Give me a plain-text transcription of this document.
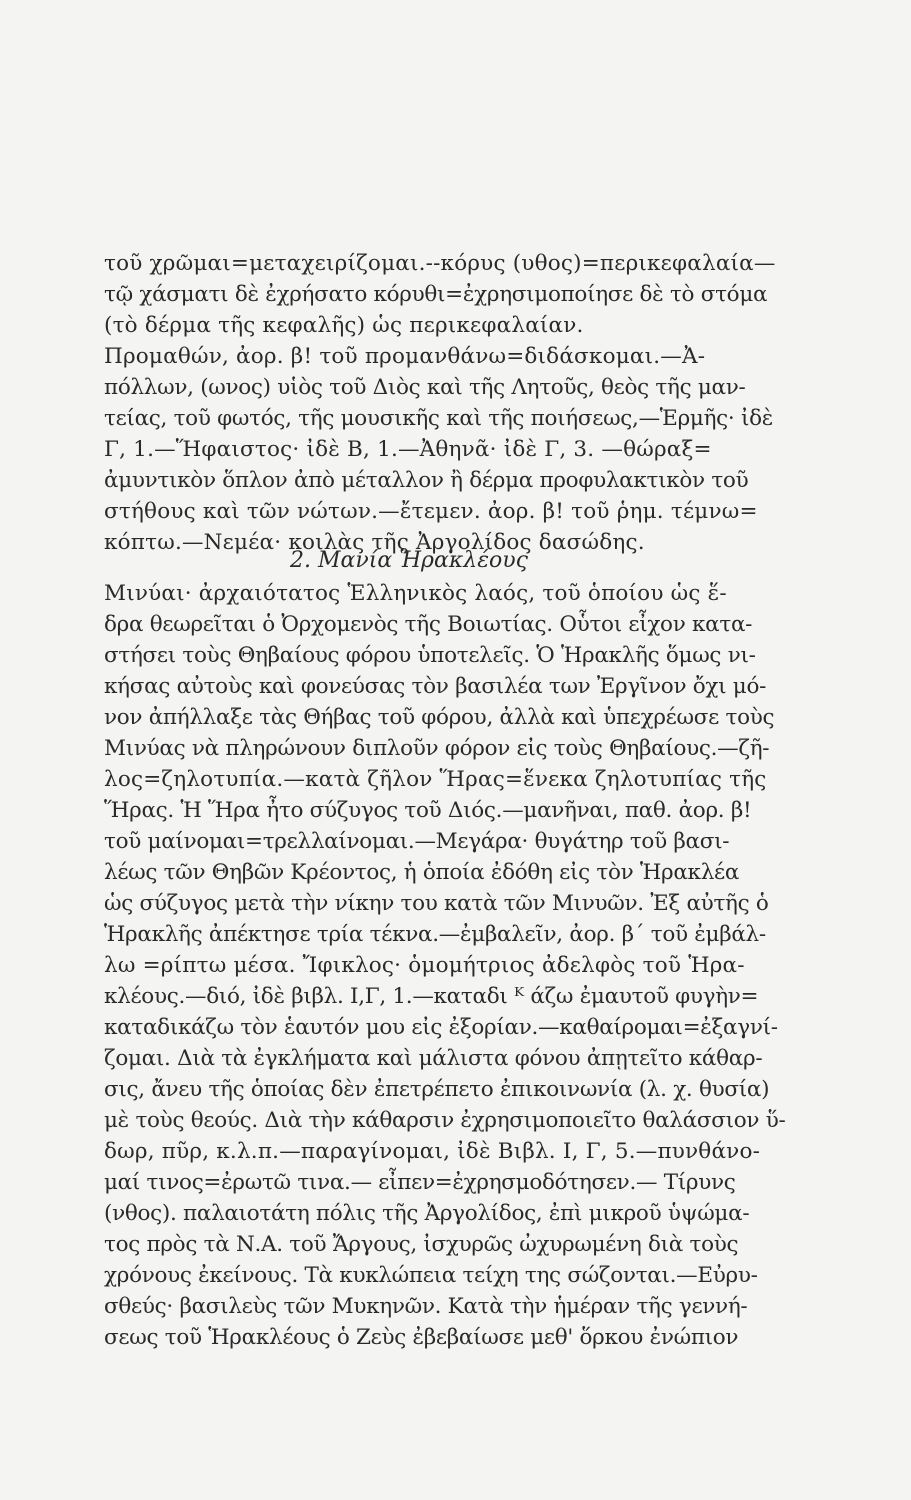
τοῦ χρῶμαι=μεταχειρίζομαι.--κόρυς (υθος)=περικεφαλαία—
τῷ χάσματι δὲ ἐχρήσατο κόρυθι=ἐχρησιμοποίησε δὲ τὸ στόμα
(τὸ δέρμα τῆς κεφαλῆς) ὡς περικεφαλαίαν.
Προμαθών, ἀορ. β! τοῦ προμανθάνω=διδάσκομαι.—Ἀ-
πόλλων, (ωνος) υἱὸς τοῦ Διὸς καὶ τῆς Λητοῦς, θεὸς τῆς μαν-
τείας, τοῦ φωτός, τῆς μουσικῆς καὶ τῆς ποιήσεως,—Ἑρμῆς· ἰδὲ
Γ, 1.—Ἥφαιστος· ἰδὲ Β, 1.—Ἀθηνᾶ· ἰδὲ Γ, 3. —θώραξ=
ἀμυντικὸν ὅπλον ἀπὸ μέταλλον ἢ δέρμα προφυλακτικὸν τοῦ
στήθους καὶ τῶν νώτων.—ἔτεμεν. ἀορ. β! τοῦ ῥημ. τέμνω=
κόπτω.—Νεμέα· κοιλὰς τῆς Ἀργολίδος δασώδης.
2. Μανία Ἡρακλέους
Μινύαι· ἀρχαιότατος Ἑλληνικὸς λαός, τοῦ ὁποίου ὡς ἕ-
δρα θεωρεῖται ὁ Ὀρχομενὸς τῆς Βοιωτίας. Οὗτοι εἶχον κατα-
στήσει τοὺς Θηβαίους φόρου ὑποτελεῖς. Ὁ Ἡρακλῆς ὅμως νι-
κήσας αὐτοὺς καὶ φονεύσας τὸν βασιλέα των Ἐργῖνον ὄχι μό-
νον ἀπήλλαξε τὰς Θήβας τοῦ φόρου, ἀλλὰ καὶ ὑπεχρέωσε τοὺς
Μινύας νὰ πληρώνουν διπλοῦν φόρον εἰς τοὺς Θηβαίους.—ζῆ-
λος=ζηλοτυπία.—κατὰ ζῆλον Ἥρας=ἕνεκα ζηλοτυπίας τῆς
Ἥρας. Ἡ Ἥρα ἦτο σύζυγος τοῦ Διός.—μανῆναι, παθ. ἀορ. β!
τοῦ μαίνομαι=τρελλαίνομαι.—Μεγάρα· θυγάτηρ τοῦ βασι-
λέως τῶν Θηβῶν Κρέοντος, ἡ ὁποία ἐδόθη εἰς τὸν Ἡρακλέα
ὡς σύζυγος μετὰ τὴν νίκην του κατὰ τῶν Μινυῶν. Ἐξ αὐτῆς ὁ
Ἡρακλῆς ἀπέκτησε τρία τέκνα.—ἐμβαλεῖν, ἀορ. β΄ τοῦ ἐμβάλ-
λω =ρίπτω μέσα. Ἴφικλος· ὁμομήτριος ἀδελφὸς τοῦ Ἡρα-
κλέους.—διό, ἰδὲ βιβλ. Ι,Γ, 1.—καταδι ᴷ άζω ἐμαυτοῦ φυγὴν=
καταδικάζω τὸν ἑαυτόν μου εἰς ἐξορίαν.—καθαίρομαι=ἐξαγνί-
ζομαι. Διὰ τὰ ἐγκλήματα καὶ μάλιστα φόνου ἀπῃτεῖτο κάθαρ-
σις, ἄνευ τῆς ὁποίας δὲν ἐπετρέπετο ἐπικοινωνία (λ. χ. θυσία)
μὲ τοὺς θεούς. Διὰ τὴν κάθαρσιν ἐχρησιμοποιεῖτο θαλάσσιον ὕ-
δωρ, πῦρ, κ.λ.π.—παραγίνομαι, ἰδὲ Βιβλ. Ι, Γ, 5.—πυνθάνο-
μαί τινος=ἐρωτῶ τινα.— εἶπεν=ἐχρησμοδότησεν.— Τίρυνς
(νθος). παλαιοτάτη πόλις τῆς Ἀργολίδος, ἐπὶ μικροῦ ὑψώμα-
τος πρὸς τὰ Ν.Α. τοῦ Ἄργους, ἰσχυρῶς ὠχυρωμένη διὰ τοὺς
χρόνους ἐκείνους. Τὰ κυκλώπεια τείχη της σώζονται.—Εὐρυ-
σθεύς· βασιλεὺς τῶν Μυκηνῶν. Κατὰ τὴν ἡμέραν τῆς γεννή-
σεως τοῦ Ἡρακλέους ὁ Ζεὺς ἐβεβαίωσε μεθ' ὅρκου ἐνώπιον
